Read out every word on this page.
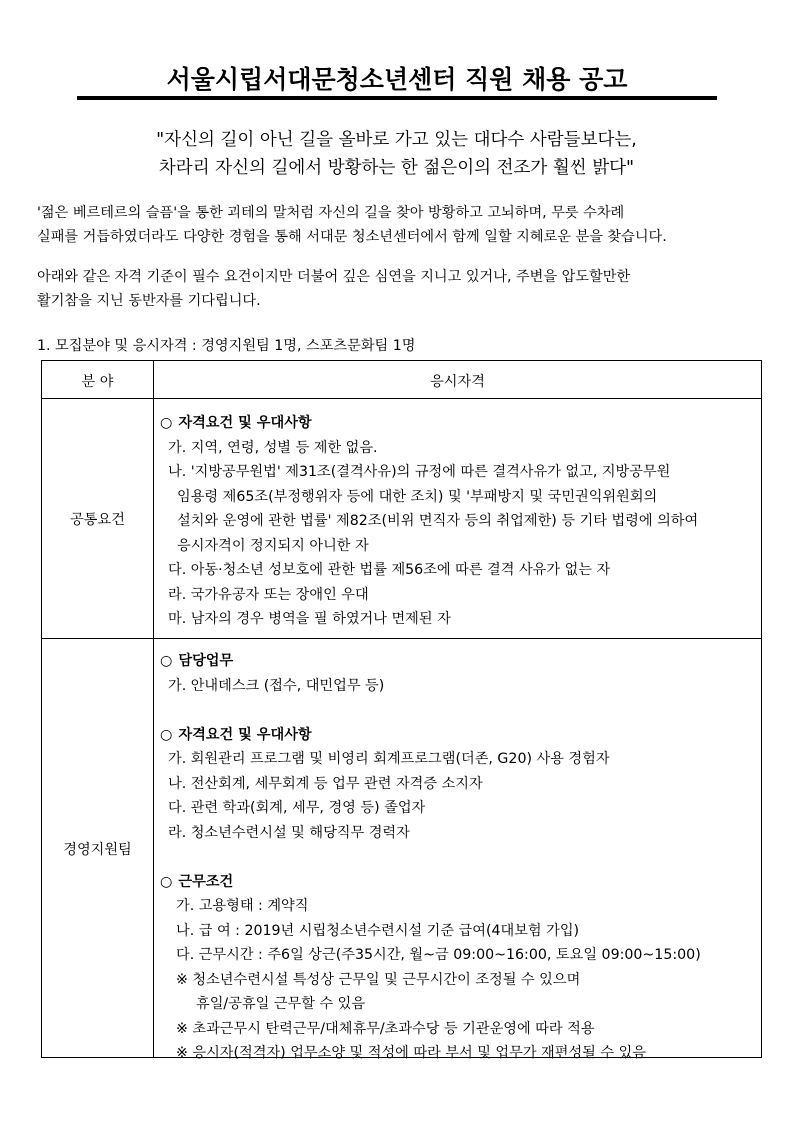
서울시립서대문청소년센터 직원 채용 공고
"자신의 길이 아닌 길을 올바로 가고 있는 대다수 사람들보다는,
차라리 자신의 길에서 방황하는 한 젊은이의 전조가 훨씬 밝다"
'젊은 베르테르의 슬픔'을 통한 괴테의 말처럼 자신의 길을 찾아 방황하고 고뇌하며, 무릇 수차례
실패를 거듭하였더라도 다양한 경험을 통해 서대문 청소년센터에서 함께 일할 지혜로운 분을 찾습니다.
아래와 같은 자격 기준이 필수 요건이지만 더불어 깊은 심연을 지니고 있거나, 주변을 압도할만한
활기참을 지닌 동반자를 기다립니다.
1. 모집분야 및 응시자격 : 경영지원팀 1명, 스포츠문화팀 1명
분 야	응시자격
공통요건
○ 자격요건 및 우대사항
가. 지역, 연령, 성별 등 제한 없음.
나. '지방공무원법' 제31조(결격사유)의 규정에 따른 결격사유가 없고, 지방공무원
임용령 제65조(부정행위자 등에 대한 조치) 및 '부패방지 및 국민권익위원회의
설치와 운영에 관한 법률' 제82조(비위 면직자 등의 취업제한) 등 기타 법령에 의하여
응시자격이 정지되지 아니한 자
다. 아동·청소년 성보호에 관한 법률 제56조에 따른 결격 사유가 없는 자
라. 국가유공자 또는 장애인 우대
마. 남자의 경우 병역을 필 하였거나 면제된 자
경영지원팀
○ 담당업무
가. 안내데스크 (접수, 대민업무 등)
○ 자격요건 및 우대사항
가. 회원관리 프로그램 및 비영리 회계프로그램(더존, G20) 사용 경험자
나. 전산회계, 세무회계 등 업무 관련 자격증 소지자
다. 관련 학과(회계, 세무, 경영 등) 졸업자
라. 청소년수련시설 및 해당직무 경력자
○ 근무조건
가. 고용형태 : 계약직
나. 급 여 : 2019년 시립청소년수련시설 기준 급여(4대보험 가입)
다. 근무시간 : 주6일 상근(주35시간, 월~금 09:00~16:00, 토요일 09:00~15:00)
※ 청소년수련시설 특성상 근무일 및 근무시간이 조정될 수 있으며
휴일/공휴일 근무할 수 있음
※ 초과근무시 탄력근무/대체휴무/초과수당 등 기관운영에 따라 적용
※ 응시자(적격자) 업무소양 및 적성에 따라 부서 및 업무가 재편성될 수 있음
